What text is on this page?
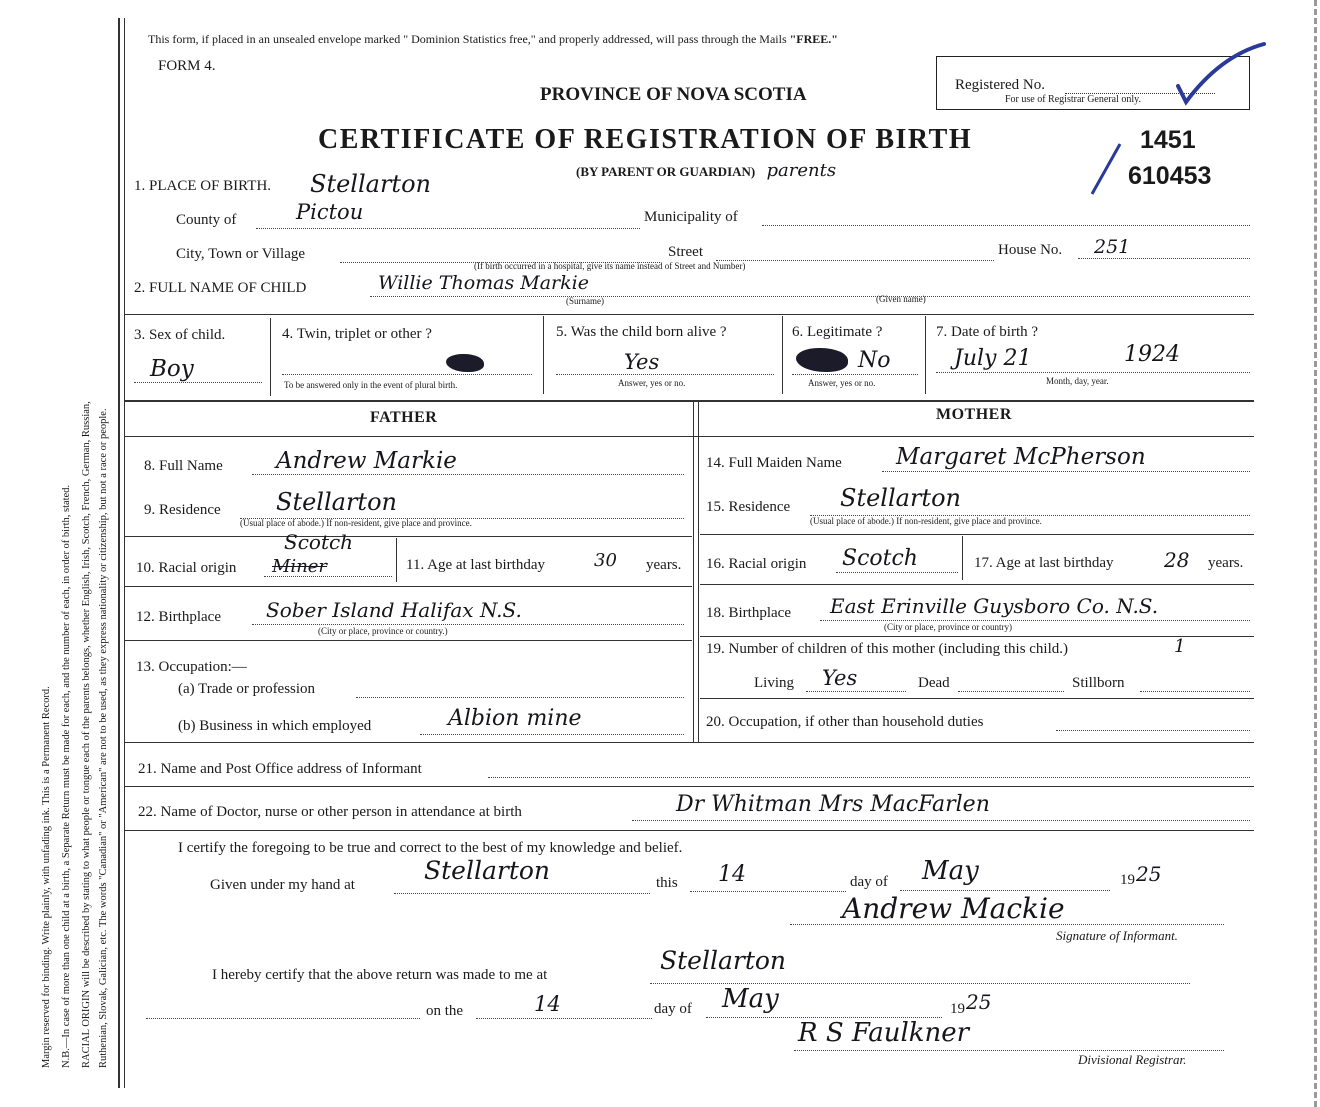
Margin reserved for binding. Write plainly, with unfading ink. This is a Permanent Record. N.B.—In case of more than one child at a birth, a Separate Return must be made for each, and the number of each, in order of birth, stated. RACIAL ORIGIN will be described by stating to what people or tongue each of the parents belongs, whether English, Irish, Scotch, French, German, Russian, Ruthenian, Slovak, Galician, etc. The words "Canadian" or "American" are not to be used, as they express nationality or citizenship, but not a race or people.
This form, if placed in an unsealed envelope marked " Dominion Statistics free," and properly addressed, will pass through the Mails "FREE."
FORM 4.
PROVINCE OF NOVA SCOTIA	Registered No.
For use of Registrar General only.
CERTIFICATE OF REGISTRATION OF BIRTH
(BY PARENT OR GUARDIAN) parents
1451
610453
1. PLACE OF BIRTH. Stellarton
County of	Pictou	Municipality of
City, Town or Village	Street	House No. 251
(If birth occurred in a hospital, give its name instead of Street and Number)
2. FULL NAME OF CHILD	Willie Thomas Markie
(Surname)	(Given name)
3. Sex of child.
Boy
4. Twin, triplet or other ?
To be answered only in the event of plural birth.
5. Was the child born alive ?
Yes
Answer, yes or no.
6. Legitimate ?
No
Answer, yes or no.
7. Date of birth ?
July 21	1924
Month, day, year.
FATHER	MOTHER
8. Full Name Andrew Markie
9. Residence Stellarton
(Usual place of abode.) If non-resident, give place and province.
10. Racial origin Miner
Scotch
11. Age at last birthday	30 years.
12. Birthplace Sober Island Halifax N.S.
(City or place, province or country.)
13. Occupation:—
(a) Trade or profession
(b) Business in which employed	Albion mine
14. Full Maiden Name Margaret McPherson
15. Residence Stellarton
(Usual place of abode.) If non-resident, give place and province.
16. Racial origin Scotch	17. Age at last birthday	28 years.
18. Birthplace East Erinville Guysboro Co. N.S.
(City or place, province or country)
19. Number of children of this mother (including this child.)	1
Living Yes	Dead	Stillborn
20. Occupation, if other than household duties
21. Name and Post Office address of Informant
22. Name of Doctor, nurse or other person in attendance at birth	Dr Whitman Mrs MacFarlen
I certify the foregoing to be true and correct to the best of my knowledge and belief.
Given under my hand at	Stellarton	this 14	day of May	19 25
Andrew Mackie
Signature of Informant.
I hereby certify that the above return was made to me at	Stellarton
on the	14	day of May	19 25
R S Faulkner
Divisional Registrar.
